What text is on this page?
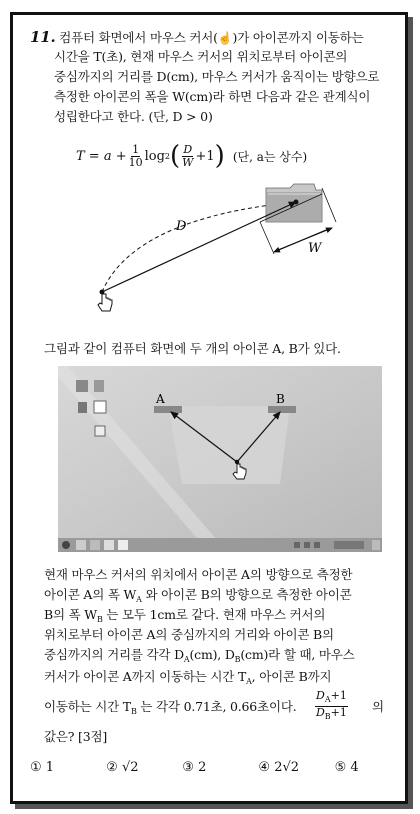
11. 컴퓨터 화면에서 마우스 커서(☝)가 아이콘까지 이동하는
시간을 T(초), 현재 마우스 커서의 위치로부터 아이콘의
중심까지의 거리를 D(cm), 마우스 커서가 움직이는 방향으로
측정한 아이콘의 폭을 W(cm)라 하면 다음과 같은 관계식이
성립한다고 한다. (단, D > 0)
$T = a + \frac{1}{10}$ log 2 ( $\frac{D}{W} +1$ ) (단, a는 상수)
D
W
그림과 같이 컴퓨터 화면에 두 개의 아이콘 A, B가 있다.
A	B
현재 마우스 커서의 위치에서 아이콘 A의 방향으로 측정한
아이콘 A의 폭 $W_A$ 와 아이콘 B의 방향으로 측정한 아이콘
B의 폭 $W_B$ 는 모두 1cm로 같다. 현재 마우스 커서의
위치로부터 아이콘 A의 중심까지의 거리와 아이콘 B의
중심까지의 거리를 각각 $D_A(cm)$, $D_B(cm)$라 할 때, 마우스
커서가 아이콘 A까지 이동하는 시간 $T_A$, 아이콘 B까지
이동하는 시간 $T_B$ 는 각각 0.71초, 0.66초이다. $\frac{D_A+1}{D_B+1}$ 의
값은? [3점]
① 1	② √2	③ 2	④ 2√2	⑤ 4
